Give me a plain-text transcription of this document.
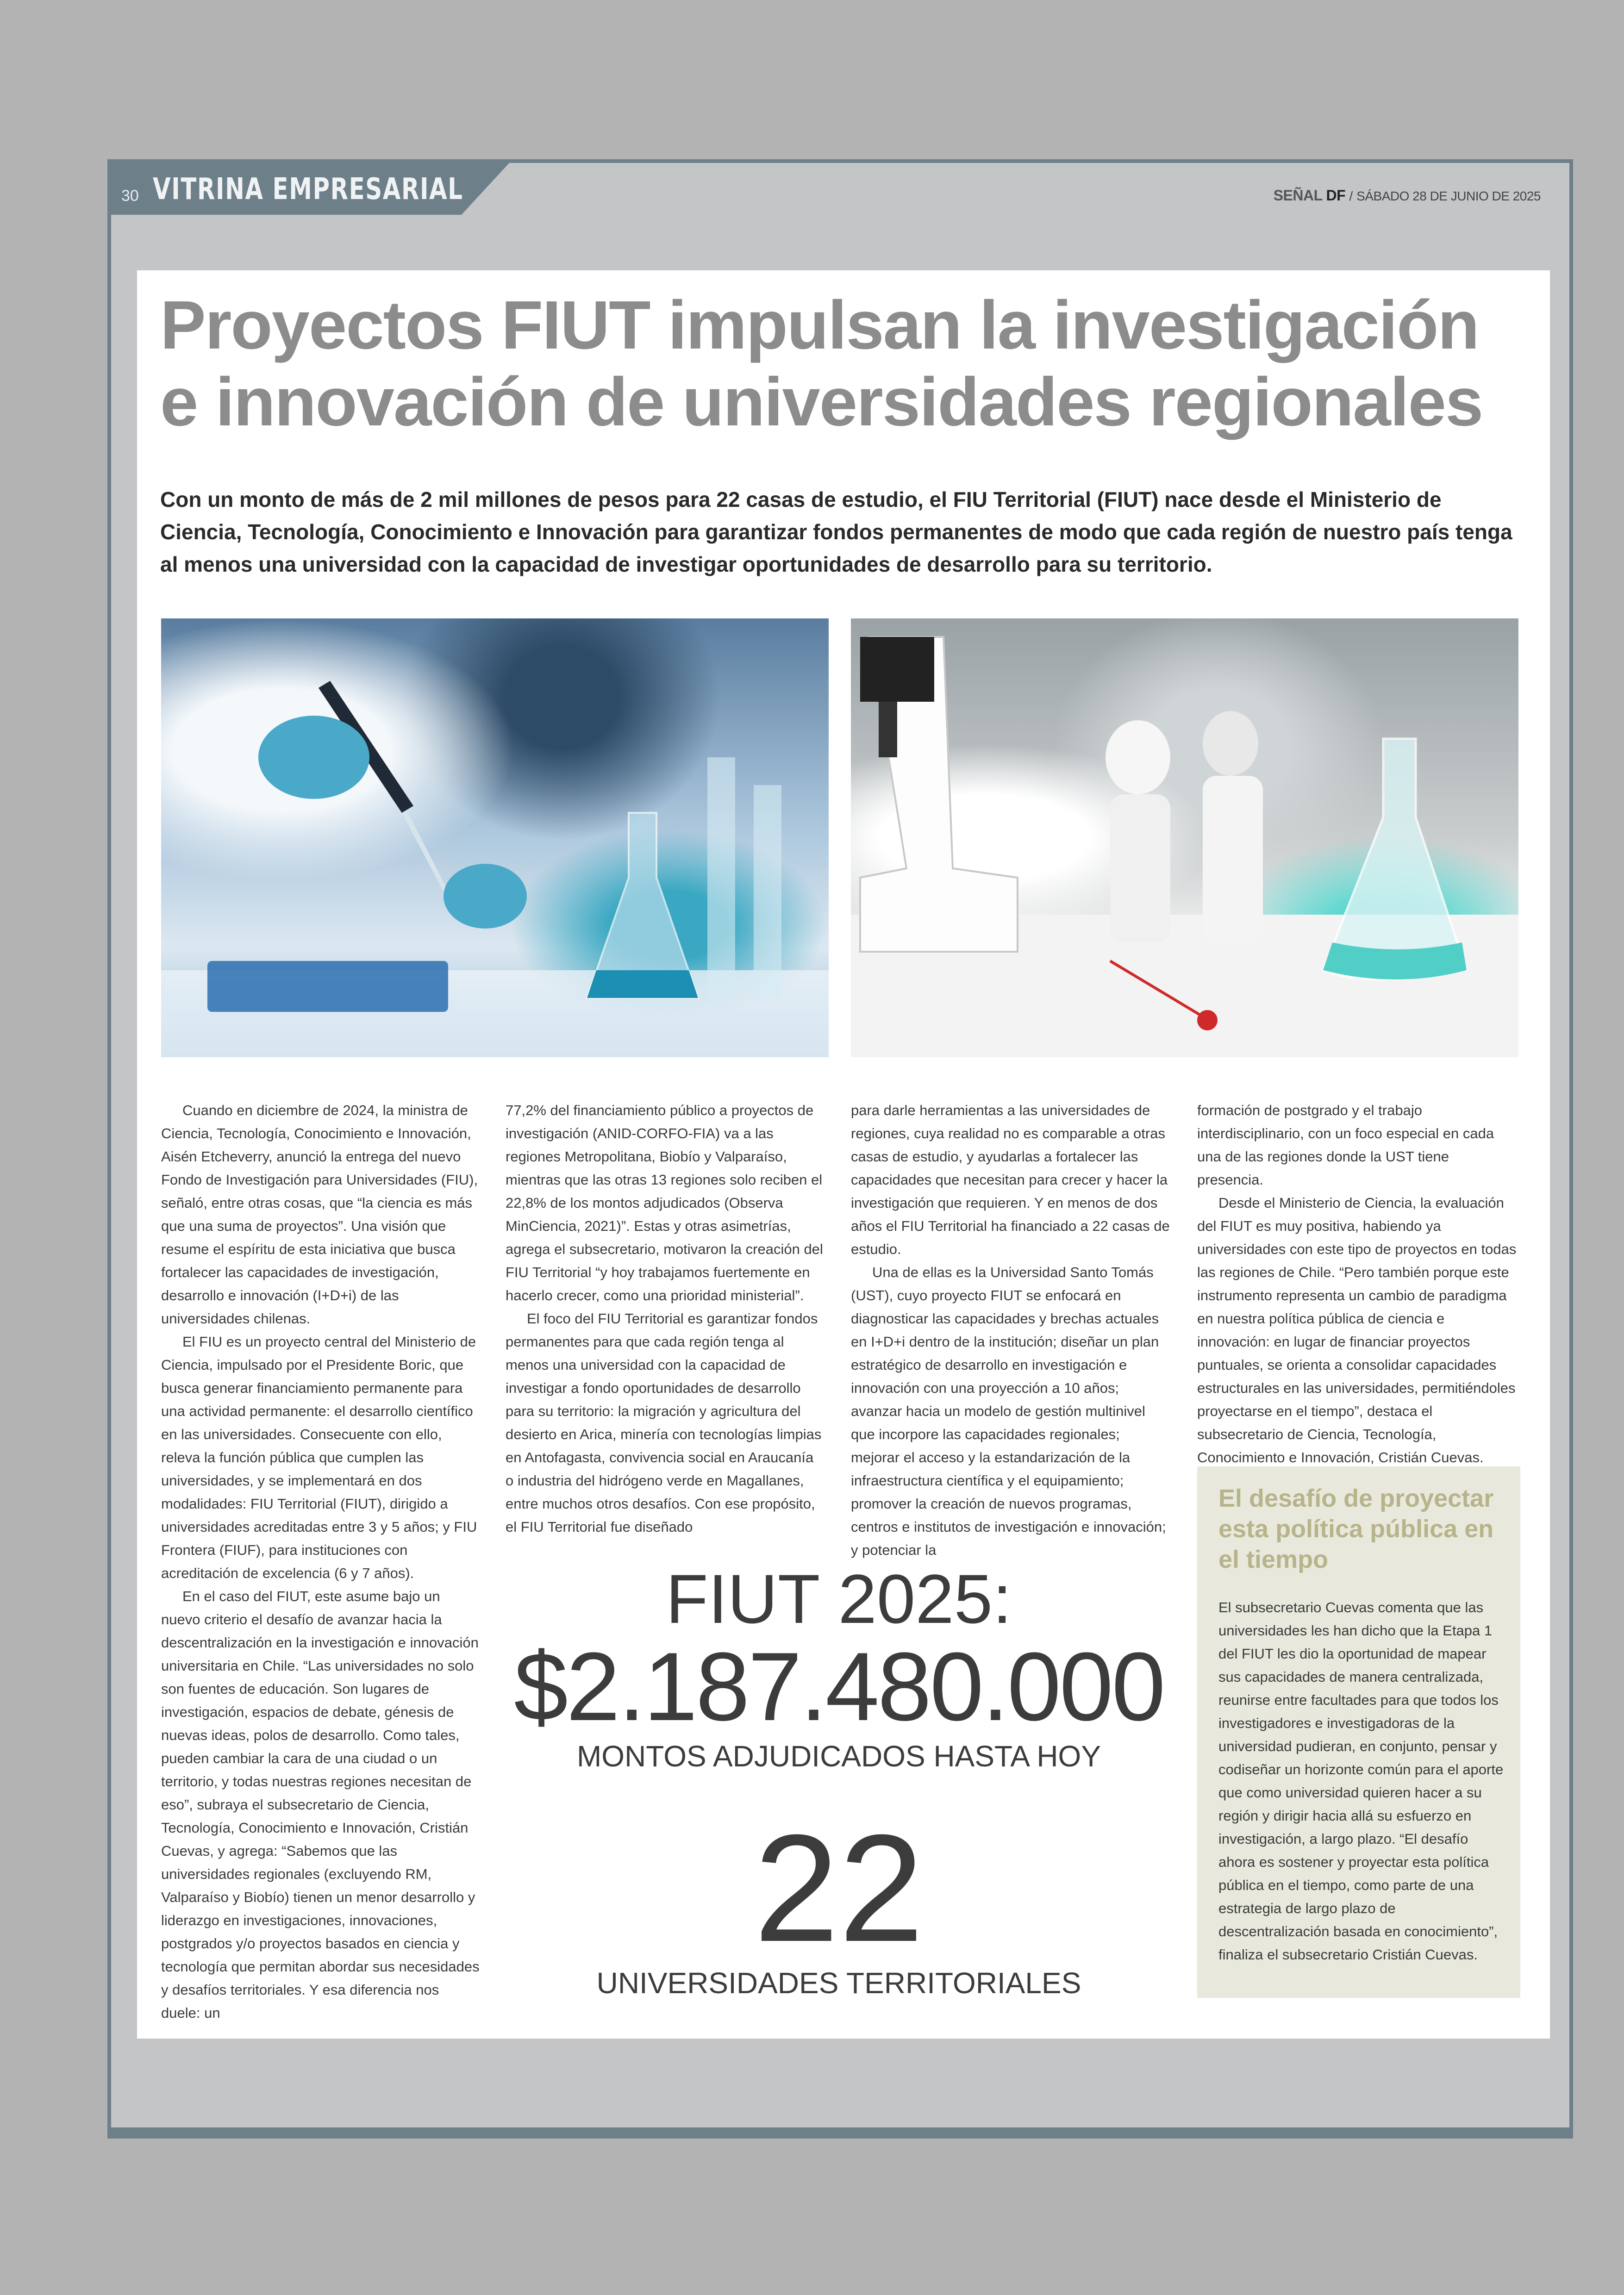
30 VITRINA EMPRESARIAL	SEÑAL DF / SÁBADO 28 DE JUNIO DE 2025
Proyectos FIUT impulsan la investigación
e innovación de universidades regionales

Con un monto de más de 2 mil millones de pesos para 22 casas de estudio, el FIU Territorial (FIUT) nace desde el Ministerio de Ciencia, Tecnología, Conocimiento e Innovación para garantizar fondos permanentes de modo que cada región de nuestro país tenga al menos una universidad con la capacidad de investigar oportunidades de desarrollo para su territorio.

Cuando en diciembre de 2024, la ministra de Ciencia, Tecnología, Conocimiento e Innovación, Aisén Etcheverry, anunció la entrega del nuevo Fondo de Investigación para Universidades (FIU), señaló, entre otras cosas, que “la ciencia es más que una suma de proyectos”. Una visión que resume el espíritu de esta iniciativa que busca fortalecer las capacidades de investigación, desarrollo e innovación (I+D+i) de las universidades chilenas.

El FIU es un proyecto central del Ministerio de Ciencia, impulsado por el Presidente Boric, que busca generar financiamiento permanente para una actividad permanente: el desarrollo científico en las universidades. Consecuente con ello, releva la función pública que cumplen las universidades, y se implementará en dos modalidades: FIU Territorial (FIUT), dirigido a universidades acreditadas entre 3 y 5 años; y FIU Frontera (FIUF), para instituciones con acreditación de excelencia (6 y 7 años).

En el caso del FIUT, este asume bajo un nuevo criterio el desafío de avanzar hacia la descentralización en la investigación e innovación universitaria en Chile. “Las universidades no solo son fuentes de educación. Son lugares de investigación, espacios de debate, génesis de nuevas ideas, polos de desarrollo. Como tales, pueden cambiar la cara de una ciudad o un territorio, y todas nuestras regiones necesitan de eso”, subraya el subsecretario de Ciencia, Tecnología, Conocimiento e Innovación, Cristián Cuevas, y agrega: “Sabemos que las universidades regionales (excluyendo RM, Valparaíso y Biobío) tienen un menor desarrollo y liderazgo en investigaciones, innovaciones, postgrados y/o proyectos basados en ciencia y tecnología que permitan abordar sus necesidades y desafíos territoriales. Y esa diferencia nos duele: un

77,2% del financiamiento público a proyectos de investigación (ANID-CORFO-FIA) va a las regiones Metropolitana, Biobío y Valparaíso, mientras que las otras 13 regiones solo reciben el 22,8% de los montos adjudicados (Observa MinCiencia, 2021)”. Estas y otras asimetrías, agrega el subsecretario, motivaron la creación del FIU Territorial “y hoy trabajamos fuertemente en hacerlo crecer, como una prioridad ministerial”.

El foco del FIU Territorial es garantizar fondos permanentes para que cada región tenga al menos una universidad con la capacidad de investigar a fondo oportunidades de desarrollo para su territorio: la migración y agricultura del desierto en Arica, minería con tecnologías limpias en Antofagasta, convivencia social en Araucanía o industria del hidrógeno verde en Magallanes, entre muchos otros desafíos. Con ese propósito, el FIU Territorial fue diseñado

para darle herramientas a las universidades de regiones, cuya realidad no es comparable a otras casas de estudio, y ayudarlas a fortalecer las capacidades que necesitan para crecer y hacer la investigación que requieren. Y en menos de dos años el FIU Territorial ha financiado a 22 casas de estudio.

Una de ellas es la Universidad Santo Tomás (UST), cuyo proyecto FIUT se enfocará en diagnosticar las capacidades y brechas actuales en I+D+i dentro de la institución; diseñar un plan estratégico de desarrollo en investigación e innovación con una proyección a 10 años; avanzar hacia un modelo de gestión multinivel que incorpore las capacidades regionales; mejorar el acceso y la estandarización de la infraestructura científica y el equipamiento; promover la creación de nuevos programas, centros e institutos de investigación e innovación; y potenciar la

formación de postgrado y el trabajo interdisciplinario, con un foco especial en cada una de las regiones donde la UST tiene presencia.

Desde el Ministerio de Ciencia, la evaluación del FIUT es muy positiva, habiendo ya universidades con este tipo de proyectos en todas las regiones de Chile. “Pero también porque este instrumento representa un cambio de paradigma en nuestra política pública de ciencia e innovación: en lugar de financiar proyectos puntuales, se orienta a consolidar capacidades estructurales en las universidades, permitiéndoles proyectarse en el tiempo”, destaca el subsecretario de Ciencia, Tecnología, Conocimiento e Innovación, Cristián Cuevas.

FIUT 2025:
$2.187.480.000
MONTOS ADJUDICADOS HASTA HOY
22
UNIVERSIDADES TERRITORIALES
El desafío de proyectar esta política pública en el tiempo

El subsecretario Cuevas comenta que las universidades les han dicho que la Etapa 1 del FIUT les dio la oportunidad de mapear sus capacidades de manera centralizada, reunirse entre facultades para que todos los investigadores e investigadoras de la universidad pudieran, en conjunto, pensar y codiseñar un horizonte común para el aporte que como universidad quieren hacer a su región y dirigir hacia allá su esfuerzo en investigación, a largo plazo. “El desafío ahora es sostener y proyectar esta política pública en el tiempo, como parte de una estrategia de largo plazo de descentralización basada en conocimiento”, finaliza el subsecretario Cristián Cuevas.
